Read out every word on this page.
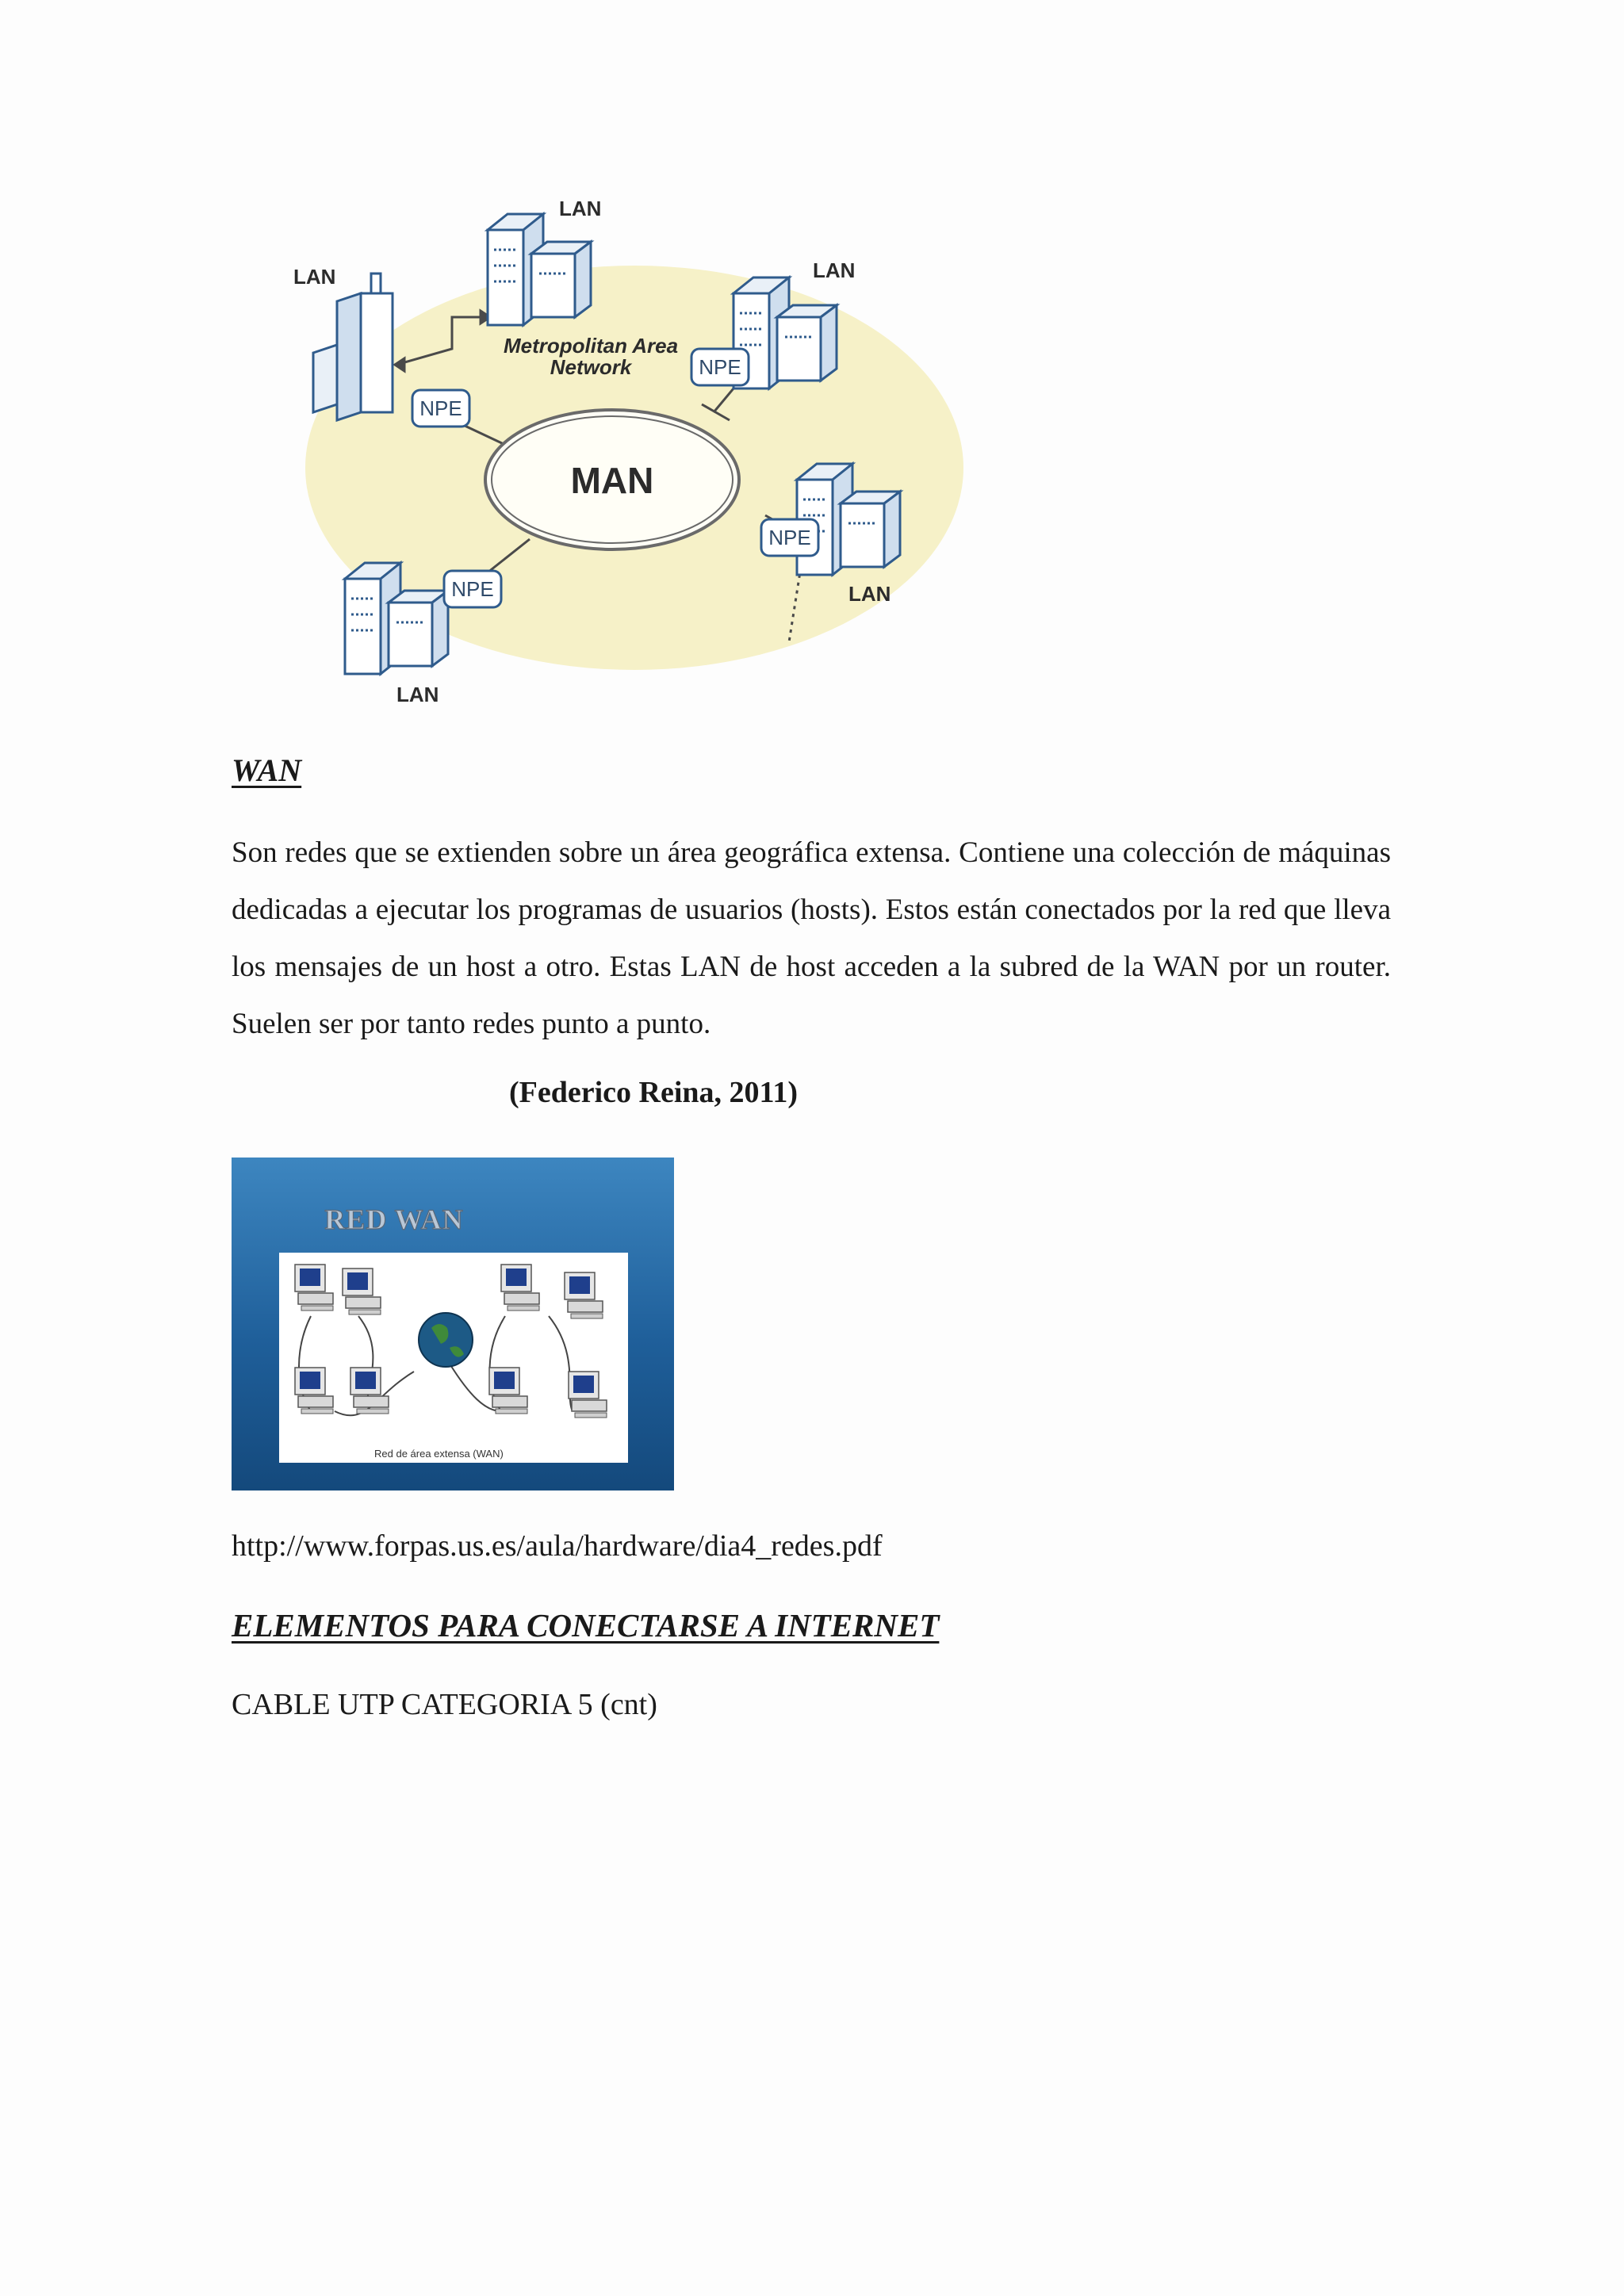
MAN
Metropolitan Area
Network
NPE
NPE
NPE
NPE
LAN
LAN	LAN
LAN
LAN
WAN
Son redes que se extienden sobre un área geográfica extensa. Contiene una colección de máquinas dedicadas a ejecutar los programas de usuarios (hosts). Estos están conectados por la red que lleva los mensajes de un host a otro. Estas LAN de host acceden a la subred de la WAN por un router. Suelen ser por tanto redes punto a punto.
(Federico Reina, 2011)
RED WAN
Red de área extensa (WAN)
http://www.forpas.us.es/aula/hardware/dia4_redes.pdf
ELEMENTOS PARA CONECTARSE A INTERNET
CABLE UTP CATEGORIA 5 (cnt)
